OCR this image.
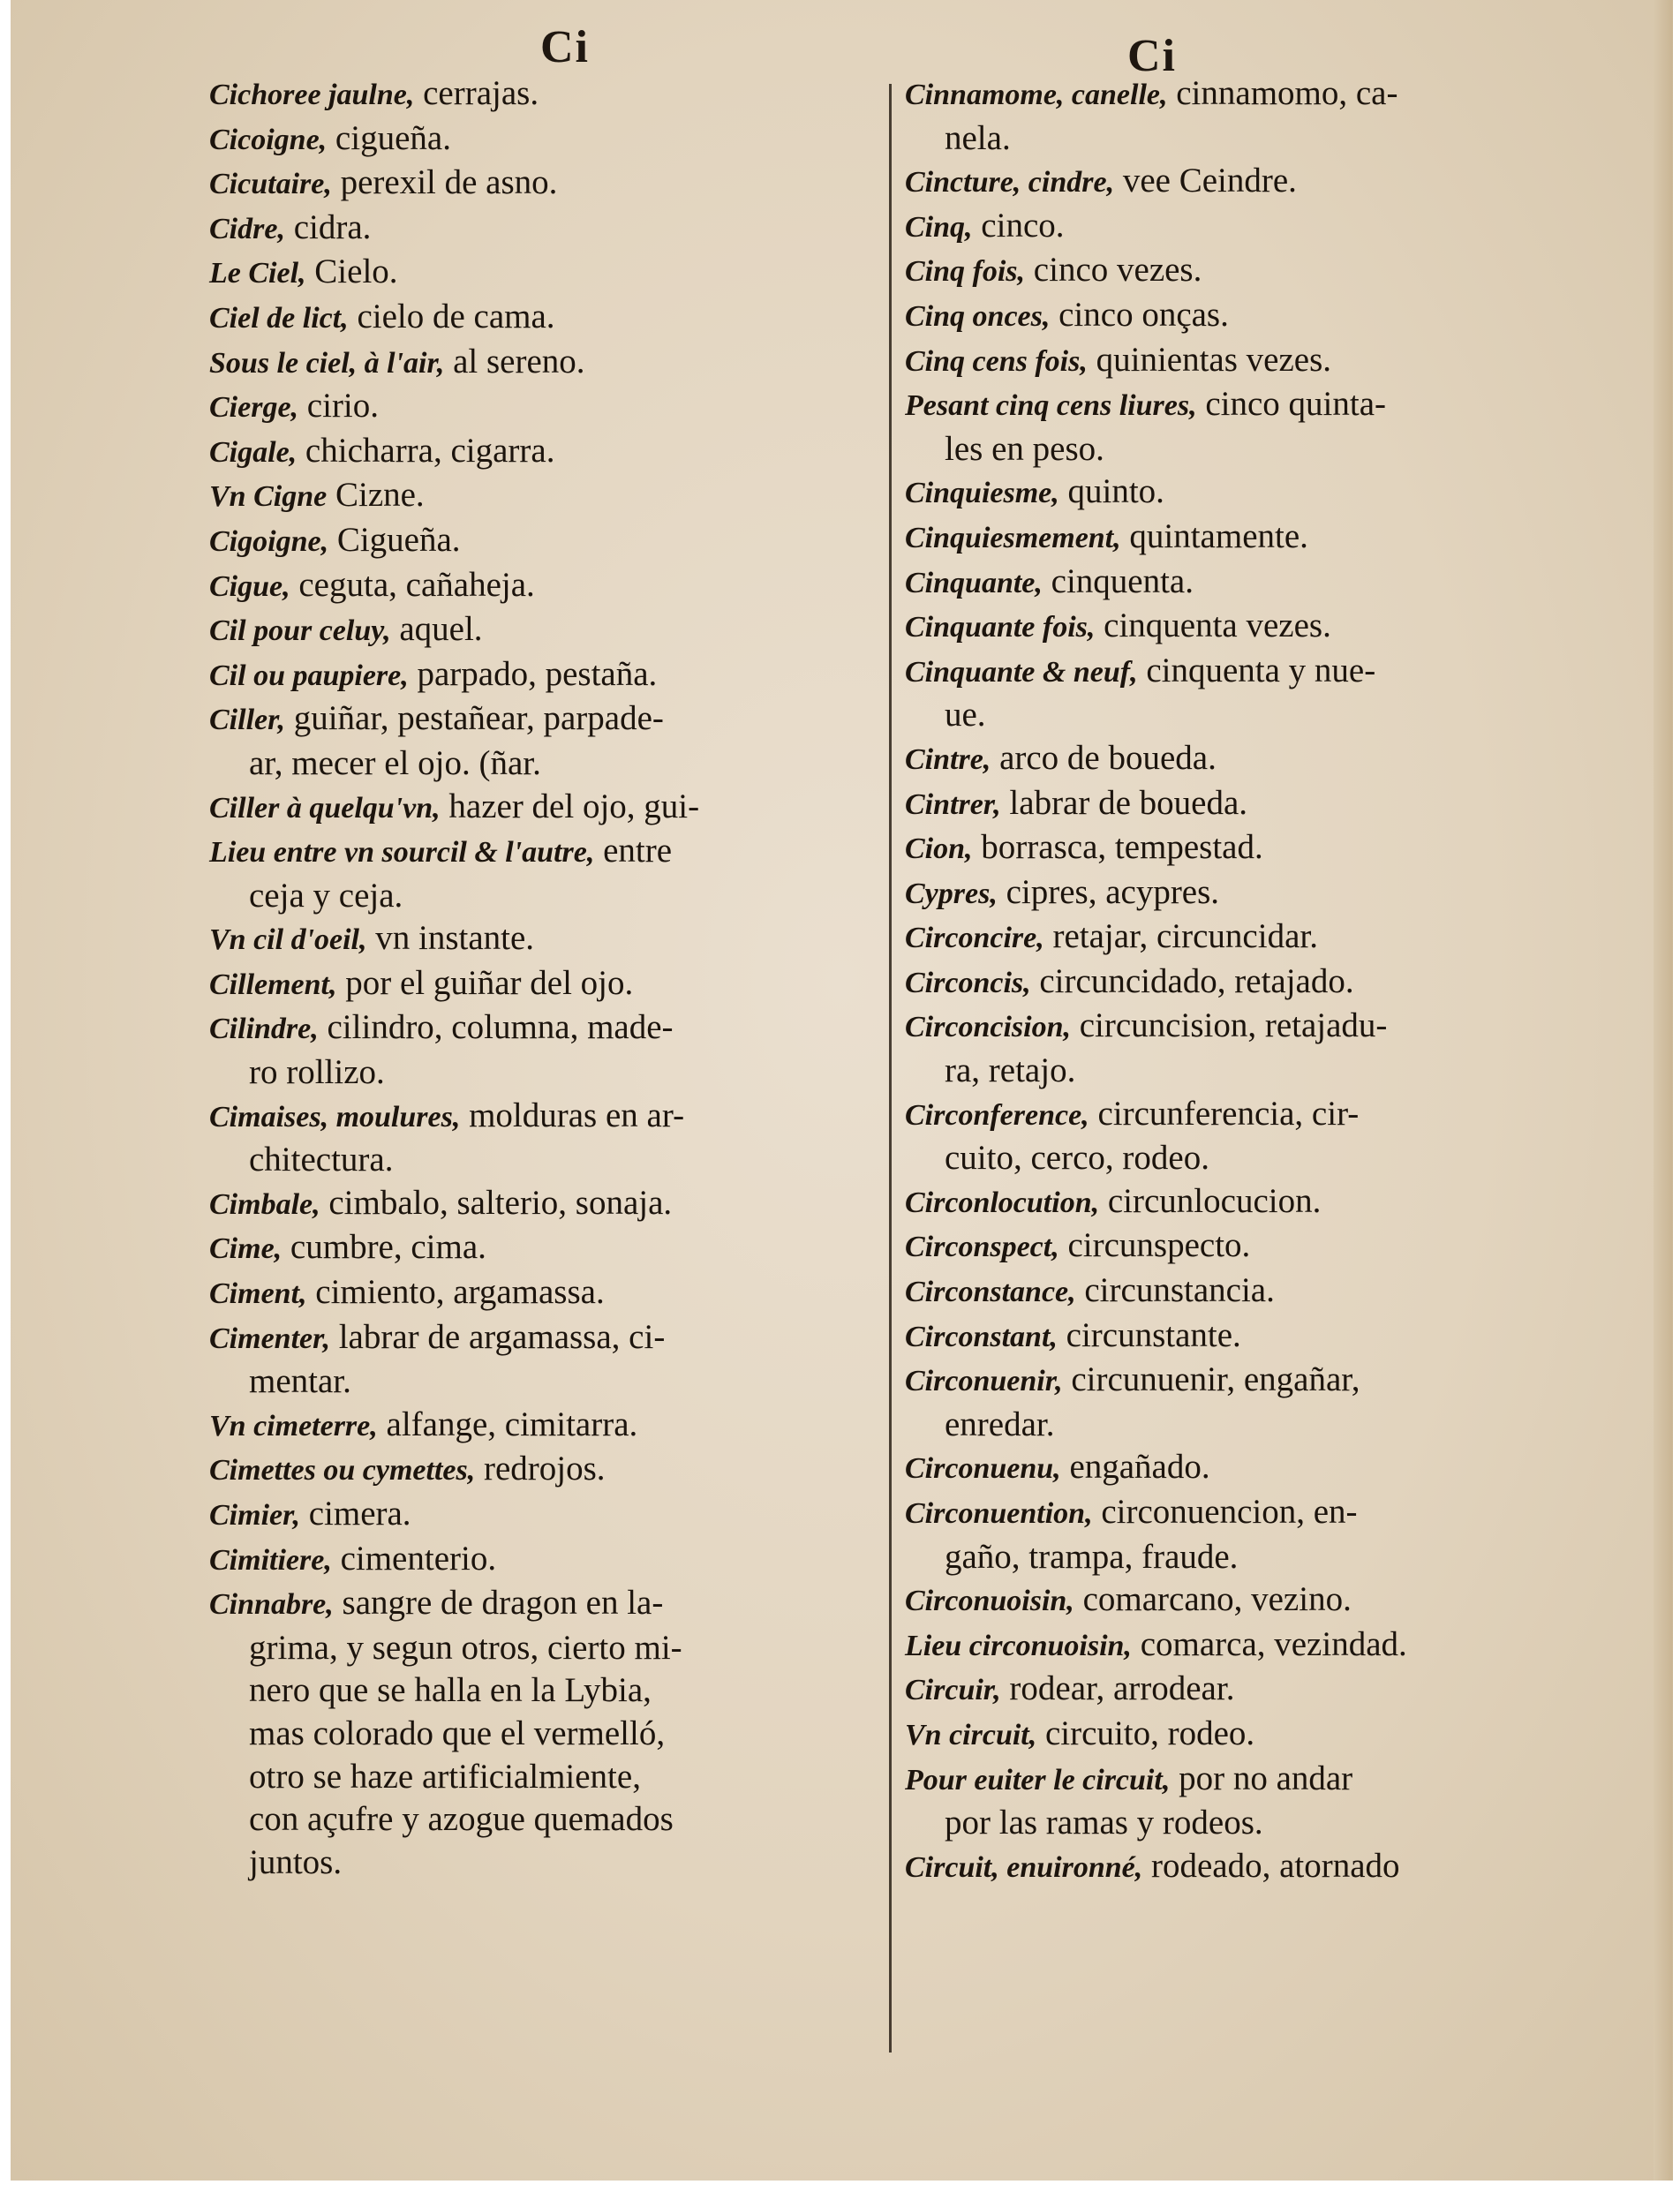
Ci	Ci

Cichoree jaulne, cerrajas.

Cicoigne, cigueña.

Cicutaire, perexil de asno.

Cidre, cidra.

Le Ciel, Cielo.

Ciel de lict, cielo de cama.

Sous le ciel, à l'air, al sereno.

Cierge, cirio.

Cigale, chicharra, cigarra.

Vn Cigne Cizne.

Cigoigne, Cigueña.

Cigue, ceguta, cañaheja.

Cil pour celuy, aquel.

Cil ou paupiere, parpado, pestaña.

Ciller, guiñar, pestañear, parpade-

ar, mecer el ojo. (ñar.

Ciller à quelqu'vn, hazer del ojo, gui-

Lieu entre vn sourcil & l'autre, entre

ceja y ceja.

Vn cil d'oeil, vn instante.

Cillement, por el guiñar del ojo.

Cilindre, cilindro, columna, made-

ro rollizo.

Cimaises, moulures, molduras en ar-

chitectura.

Cimbale, cimbalo, salterio, sonaja.

Cime, cumbre, cima.

Ciment, cimiento, argamassa.

Cimenter, labrar de argamassa, ci-

mentar.

Vn cimeterre, alfange, cimitarra.

Cimettes ou cymettes, redrojos.

Cimier, cimera.

Cimitiere, cimenterio.

Cinnabre, sangre de dragon en la-

grima, y segun otros, cierto mi-

nero que se halla en la Lybia,

mas colorado que el vermelló,

otro se haze artificialmiente,

con açufre y azogue quemados

juntos.

Cinnamome, canelle, cinnamomo, ca-

nela.

Cincture, cindre, vee Ceindre.

Cinq, cinco.

Cinq fois, cinco vezes.

Cinq onces, cinco onças.

Cinq cens fois, quinientas vezes.

Pesant cinq cens liures, cinco quinta-

les en peso.

Cinquiesme, quinto.

Cinquiesmement, quintamente.

Cinquante, cinquenta.

Cinquante fois, cinquenta vezes.

Cinquante & neuf, cinquenta y nue-

ue.

Cintre, arco de boueda.

Cintrer, labrar de boueda.

Cion, borrasca, tempestad.

Cypres, cipres, acypres.

Circoncire, retajar, circuncidar.

Circoncis, circuncidado, retajado.

Circoncision, circuncision, retajadu-

ra, retajo.

Circonference, circunferencia, cir-

cuito, cerco, rodeo.

Circonlocution, circunlocucion.

Circonspect, circunspecto.

Circonstance, circunstancia.

Circonstant, circunstante.

Circonuenir, circunuenir, engañar,

enredar.

Circonuenu, engañado.

Circonuention, circonuencion, en-

gaño, trampa, fraude.

Circonuoisin, comarcano, vezino.

Lieu circonuoisin, comarca, vezindad.

Circuir, rodear, arrodear.

Vn circuit, circuito, rodeo.

Pour euiter le circuit, por no andar

por las ramas y rodeos.

Circuit, enuironné, rodeado, atornado
